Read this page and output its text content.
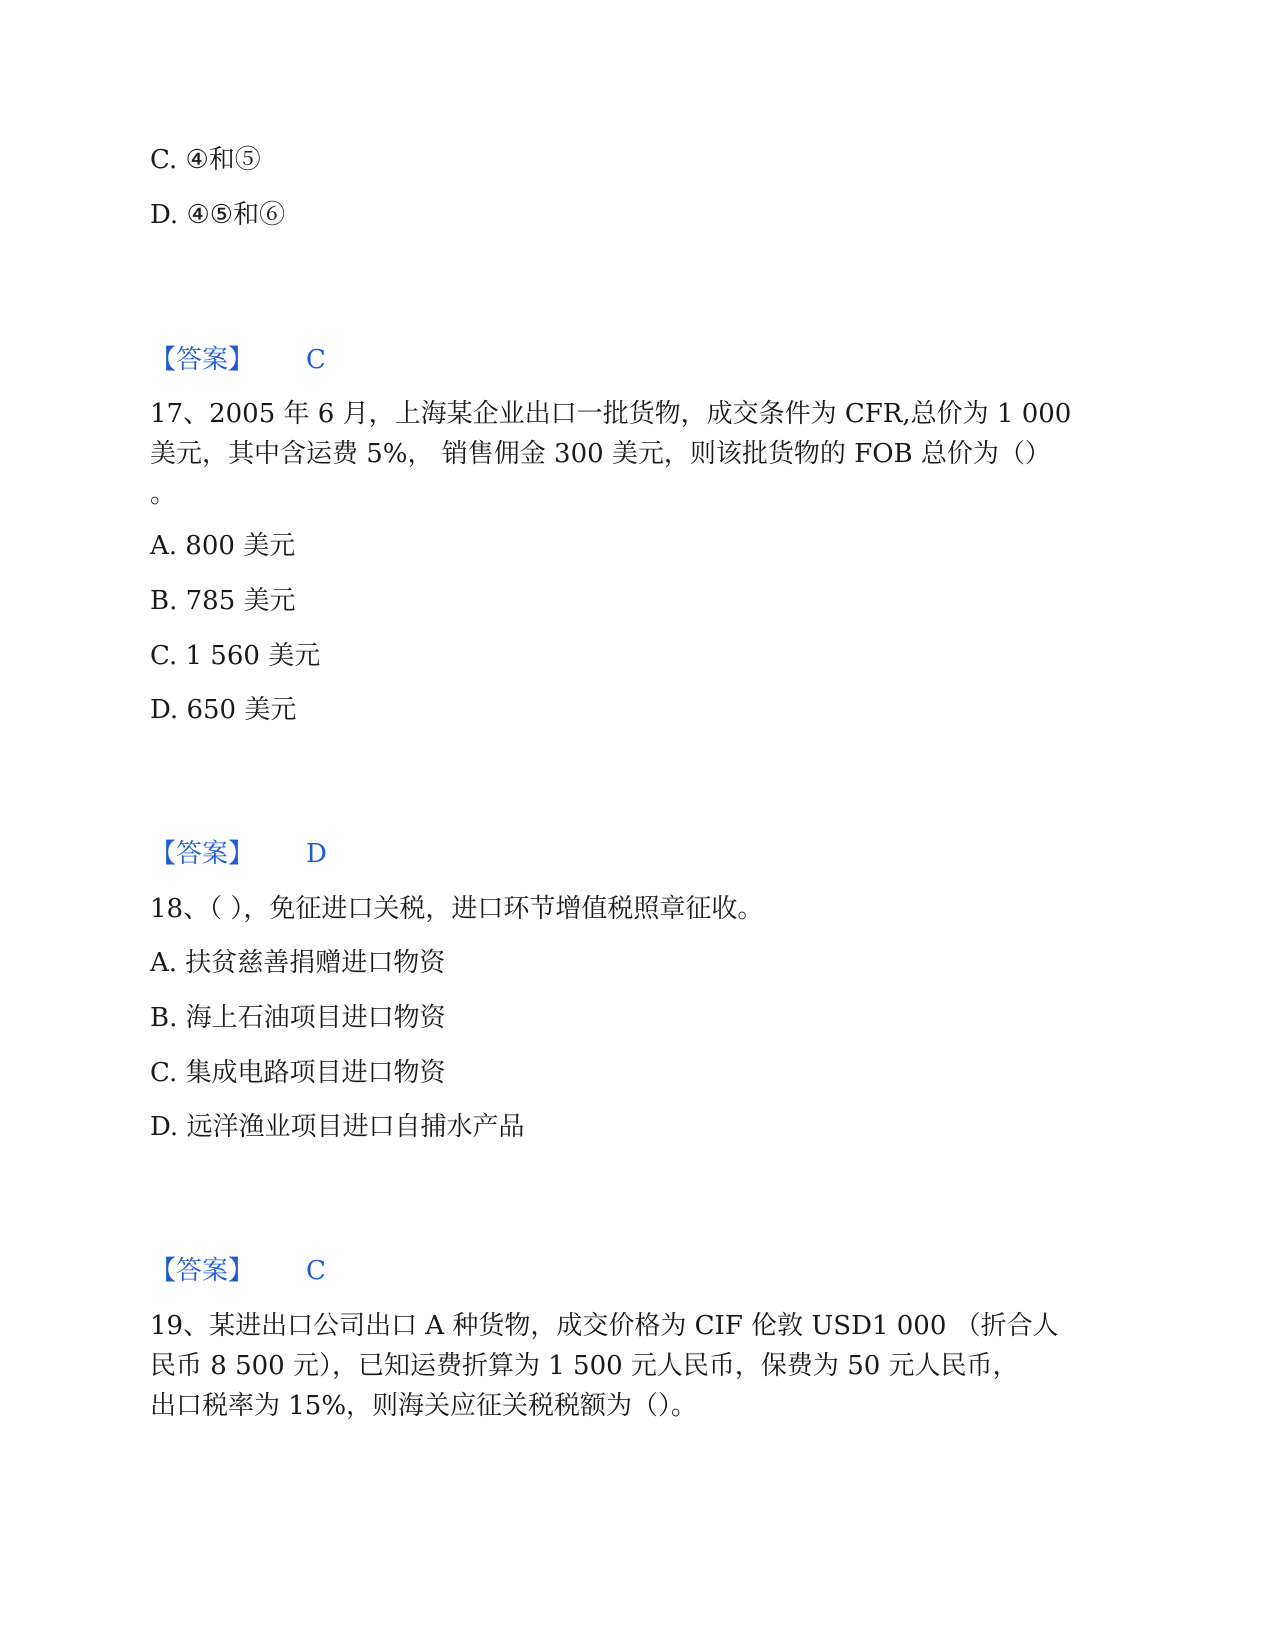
C. ④和⑤
D. ④⑤和⑥
【答案】 C
17、2005 年 6 月，上海某企业出口一批货物，成交条件为 CFR,总价为 1 000
美元，其中含运费 5%， 销售佣金 300 美元，则该批货物的 FOB 总价为（）
。
A. 800 美元
B. 785 美元
C. 1 560 美元
D. 650 美元
【答案】 D
18、（ ），免征进口关税，进口环节增值税照章征收。
A. 扶贫慈善捐赠进口物资
B. 海上石油项目进口物资
C. 集成电路项目进口物资
D. 远洋渔业项目进口自捕水产品
【答案】 C
19、某进出口公司出口 A 种货物，成交价格为 CIF 伦敦 USD1 000 （折合人
民币 8 500 元），已知运费折算为 1 500 元人民币，保费为 50 元人民币，
出口税率为 15%，则海关应征关税税额为（）。
